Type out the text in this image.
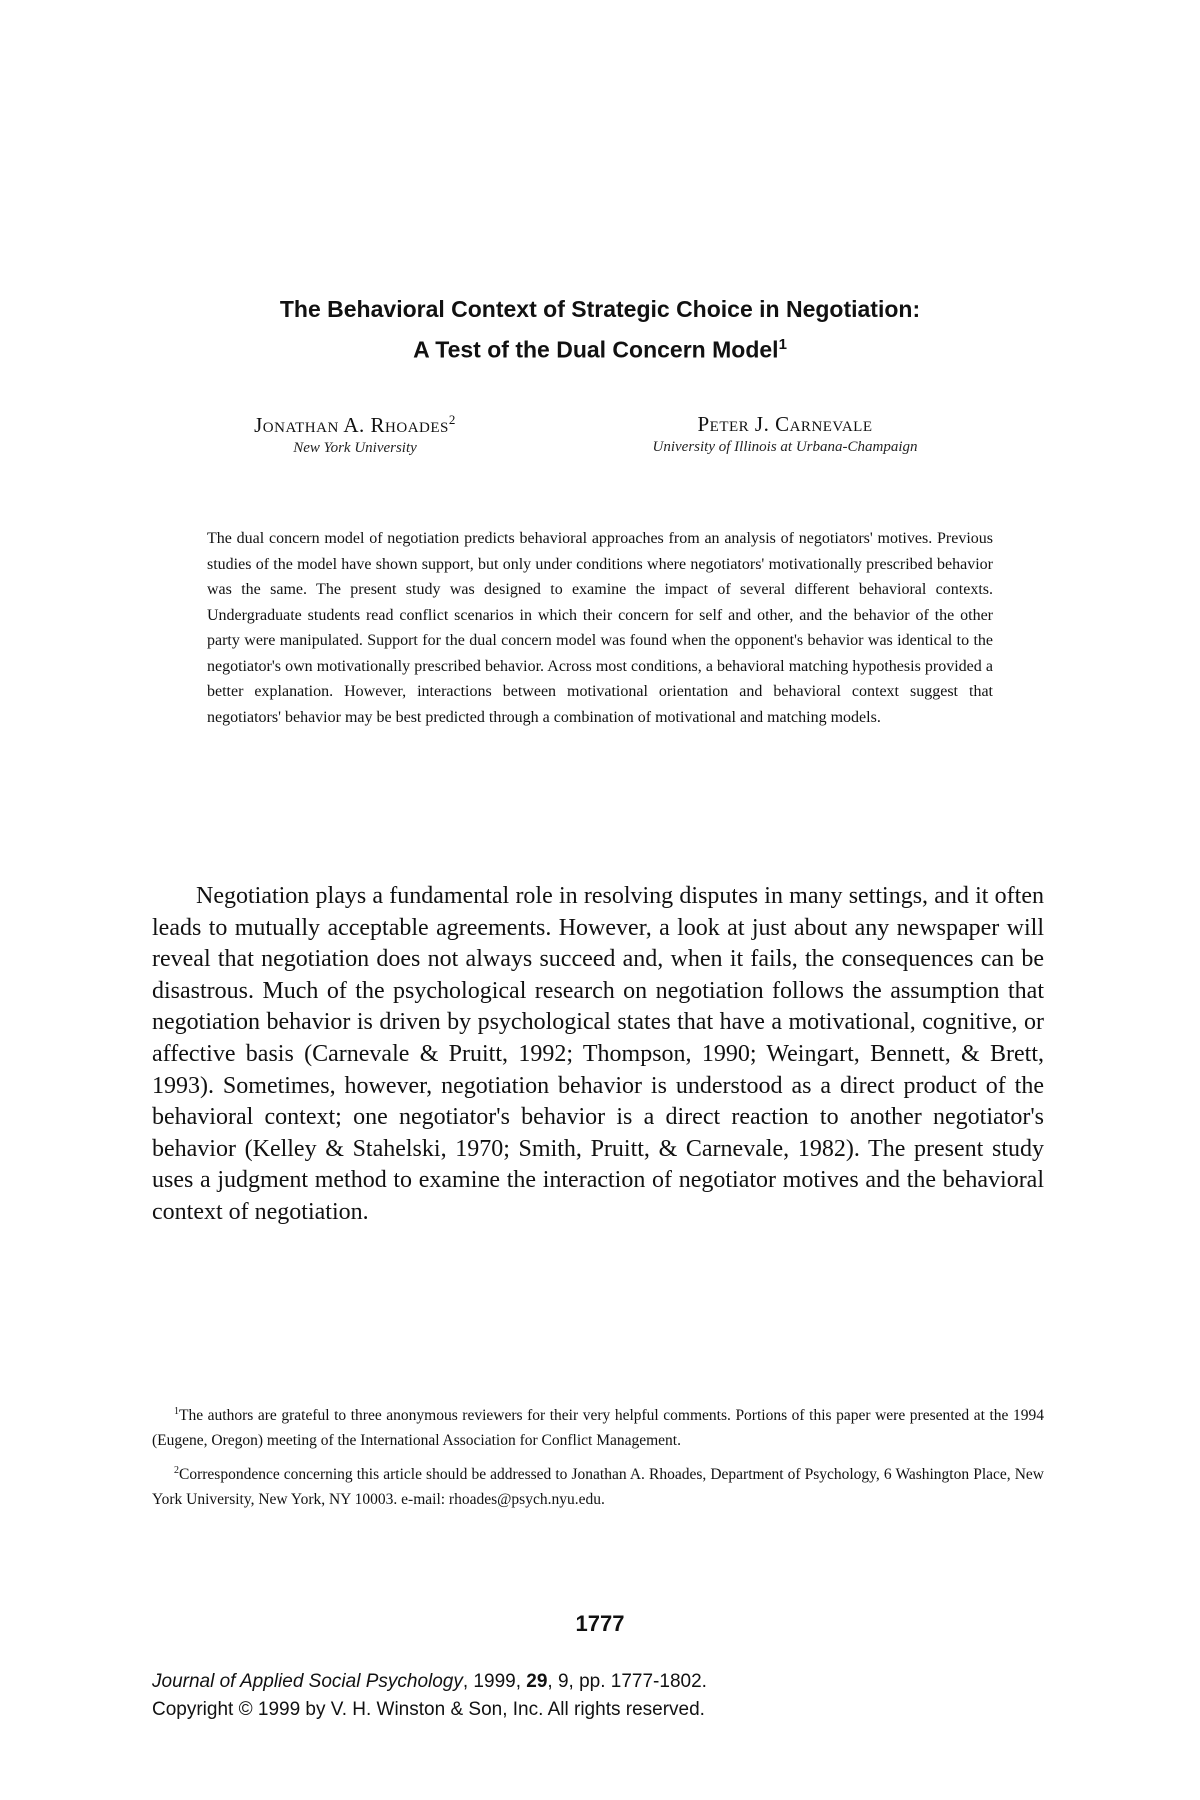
The Behavioral Context of Strategic Choice in Negotiation:
A Test of the Dual Concern Model$^1$
Jonathan A. Rhoades$^2$
New York University
Peter J. Carnevale
University of Illinois at Urbana-Champaign

The dual concern model of negotiation predicts behavioral approaches from an analysis of negotiators' motives. Previous studies of the model have shown support, but only under conditions where negotiators' motivationally prescribed behavior was the same. The present study was designed to examine the impact of several different behavioral contexts. Undergraduate students read conflict scenarios in which their concern for self and other, and the behavior of the other party were manipulated. Support for the dual concern model was found when the opponent's behavior was identical to the negotiator's own motivationally prescribed behavior. Across most conditions, a behavioral matching hypothesis provided a better explanation. However, interactions between motivational orientation and behavioral context suggest that negotiators' behavior may be best predicted through a combination of motivational and matching models.

Negotiation plays a fundamental role in resolving disputes in many settings, and it often leads to mutually acceptable agreements. However, a look at just about any newspaper will reveal that negotiation does not always succeed and, when it fails, the consequences can be disastrous. Much of the psychological research on negotiation follows the assumption that negotiation behavior is driven by psychological states that have a motivational, cognitive, or affective basis (Carnevale & Pruitt, 1992; Thompson, 1990; Weingart, Bennett, & Brett, 1993). Sometimes, however, negotiation behavior is understood as a direct product of the behavioral context; one negotiator's behavior is a direct reaction to another negotiator's behavior (Kelley & Stahelski, 1970; Smith, Pruitt, & Carnevale, 1982). The present study uses a judgment method to examine the interaction of negotiator motives and the behavioral context of negotiation.

$^1$The authors are grateful to three anonymous reviewers for their very helpful comments. Portions of this paper were presented at the 1994 (Eugene, Oregon) meeting of the International Association for Conflict Management.

$^2$Correspondence concerning this article should be addressed to Jonathan A. Rhoades, Department of Psychology, 6 Washington Place, New York University, New York, NY 10003. e-mail: rhoades@psych.nyu.edu.

1777
Journal of Applied Social Psychology, 1999, 29, 9, pp. 1777-1802.
Copyright © 1999 by V. H. Winston & Son, Inc. All rights reserved.
